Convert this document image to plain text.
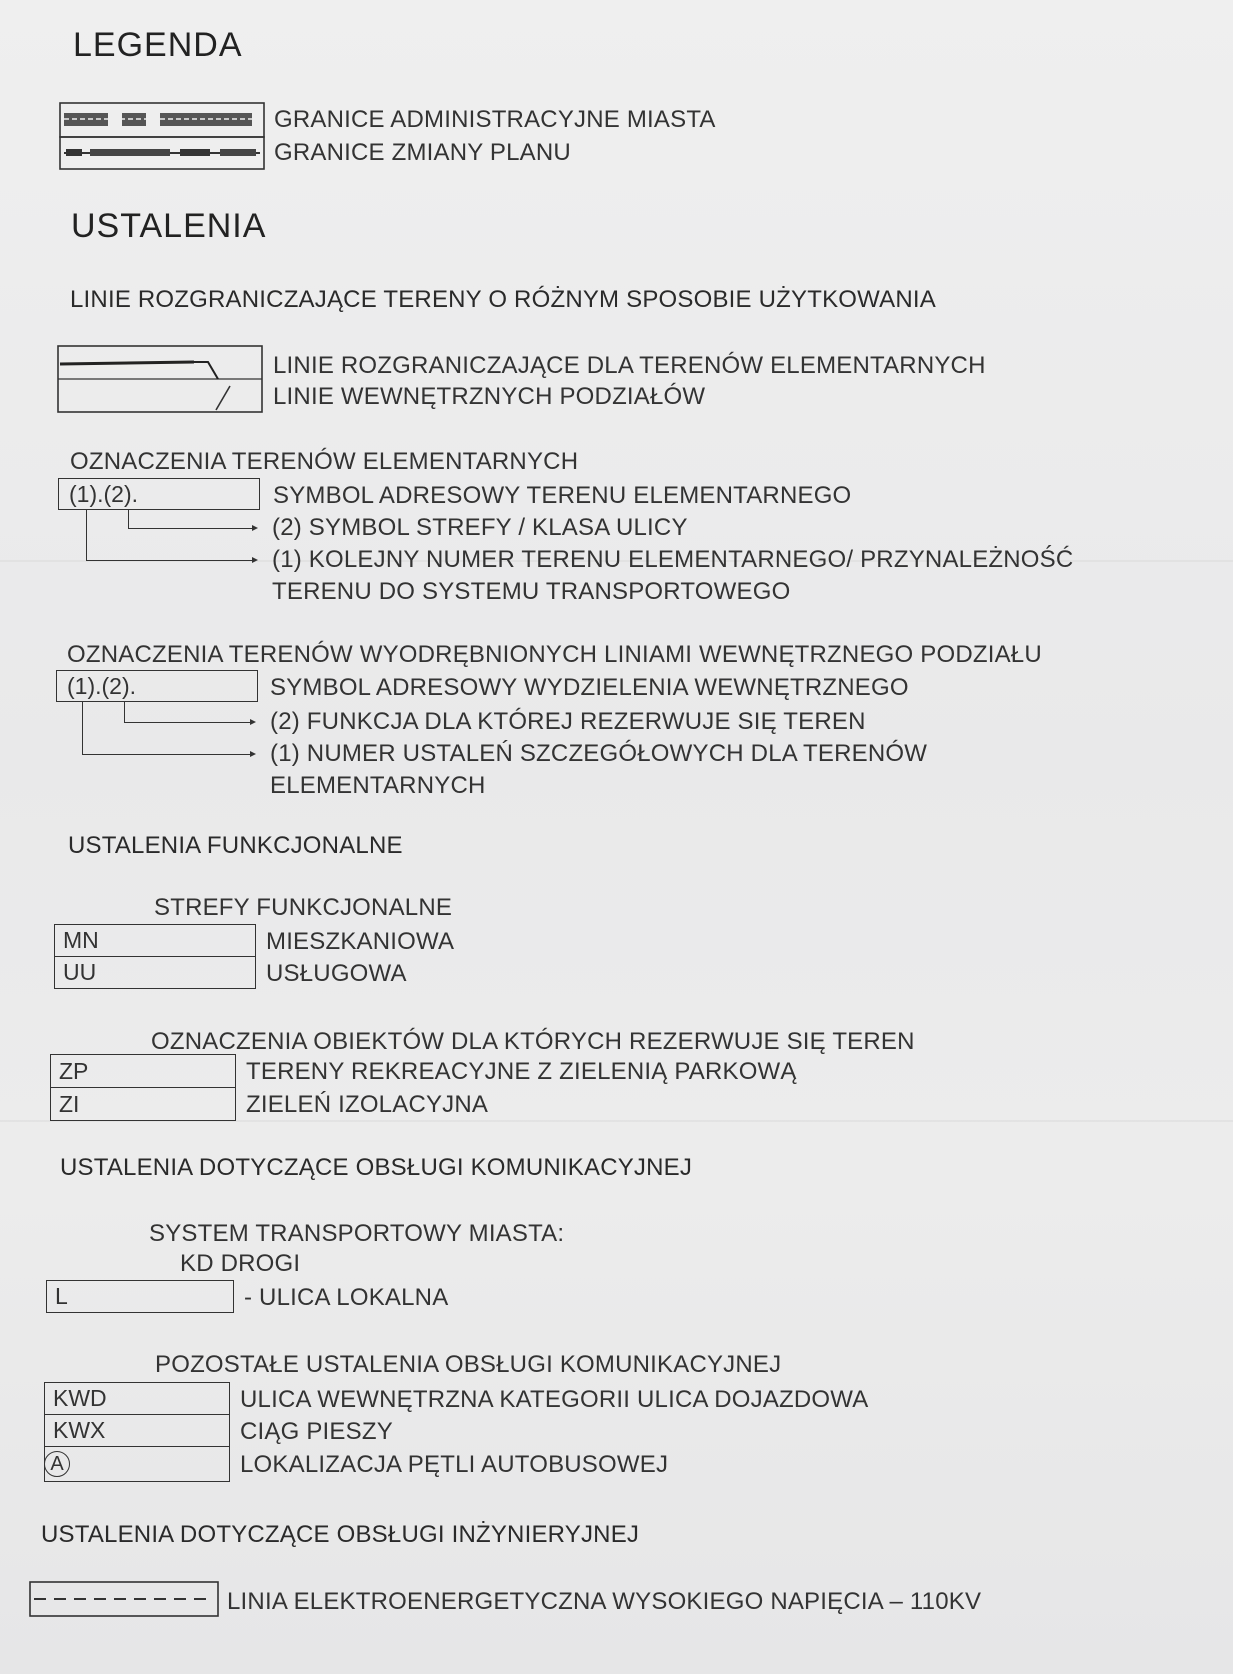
LEGENDA
GRANICE ADMINISTRACYJNE MIASTA
GRANICE ZMIANY PLANU
USTALENIA
LINIE ROZGRANICZAJĄCE TERENY O RÓŻNYM SPOSOBIE UŻYTKOWANIA
LINIE ROZGRANICZAJĄCE DLA TERENÓW ELEMENTARNYCH
LINIE WEWNĘTRZNYCH PODZIAŁÓW
OZNACZENIA TERENÓW ELEMENTARNYCH
(1).(2).	SYMBOL ADRESOWY TERENU ELEMENTARNEGO
(2) SYMBOL STREFY / KLASA ULICY
(1) KOLEJNY NUMER TERENU ELEMENTARNEGO/ PRZYNALEŻNOŚĆ
TERENU DO SYSTEMU TRANSPORTOWEGO
OZNACZENIA TERENÓW WYODRĘBNIONYCH LINIAMI WEWNĘTRZNEGO PODZIAŁU
(1).(2).	SYMBOL ADRESOWY WYDZIELENIA WEWNĘTRZNEGO
(2) FUNKCJA DLA KTÓREJ REZERWUJE SIĘ TEREN
(1) NUMER USTALEŃ SZCZEGÓŁOWYCH DLA TERENÓW
ELEMENTARNYCH
USTALENIA FUNKCJONALNE
STREFY FUNKCJONALNE
MN	MIESZKANIOWA
UU	USŁUGOWA
OZNACZENIA OBIEKTÓW DLA KTÓRYCH REZERWUJE SIĘ TEREN
ZP	TERENY REKREACYJNE Z ZIELENIĄ PARKOWĄ
ZI	ZIELEŃ IZOLACYJNA
USTALENIA DOTYCZĄCE OBSŁUGI KOMUNIKACYJNEJ
SYSTEM TRANSPORTOWY MIASTA:
KD DROGI
L	- ULICA LOKALNA
POZOSTAŁE USTALENIA OBSŁUGI KOMUNIKACYJNEJ
KWD	ULICA WEWNĘTRZNA KATEGORII ULICA DOJAZDOWA
KWX	CIĄG PIESZY
A	LOKALIZACJA PĘTLI AUTOBUSOWEJ
USTALENIA DOTYCZĄCE OBSŁUGI INŻYNIERYJNEJ
LINIA ELEKTROENERGETYCZNA WYSOKIEGO NAPIĘCIA – 110KV
